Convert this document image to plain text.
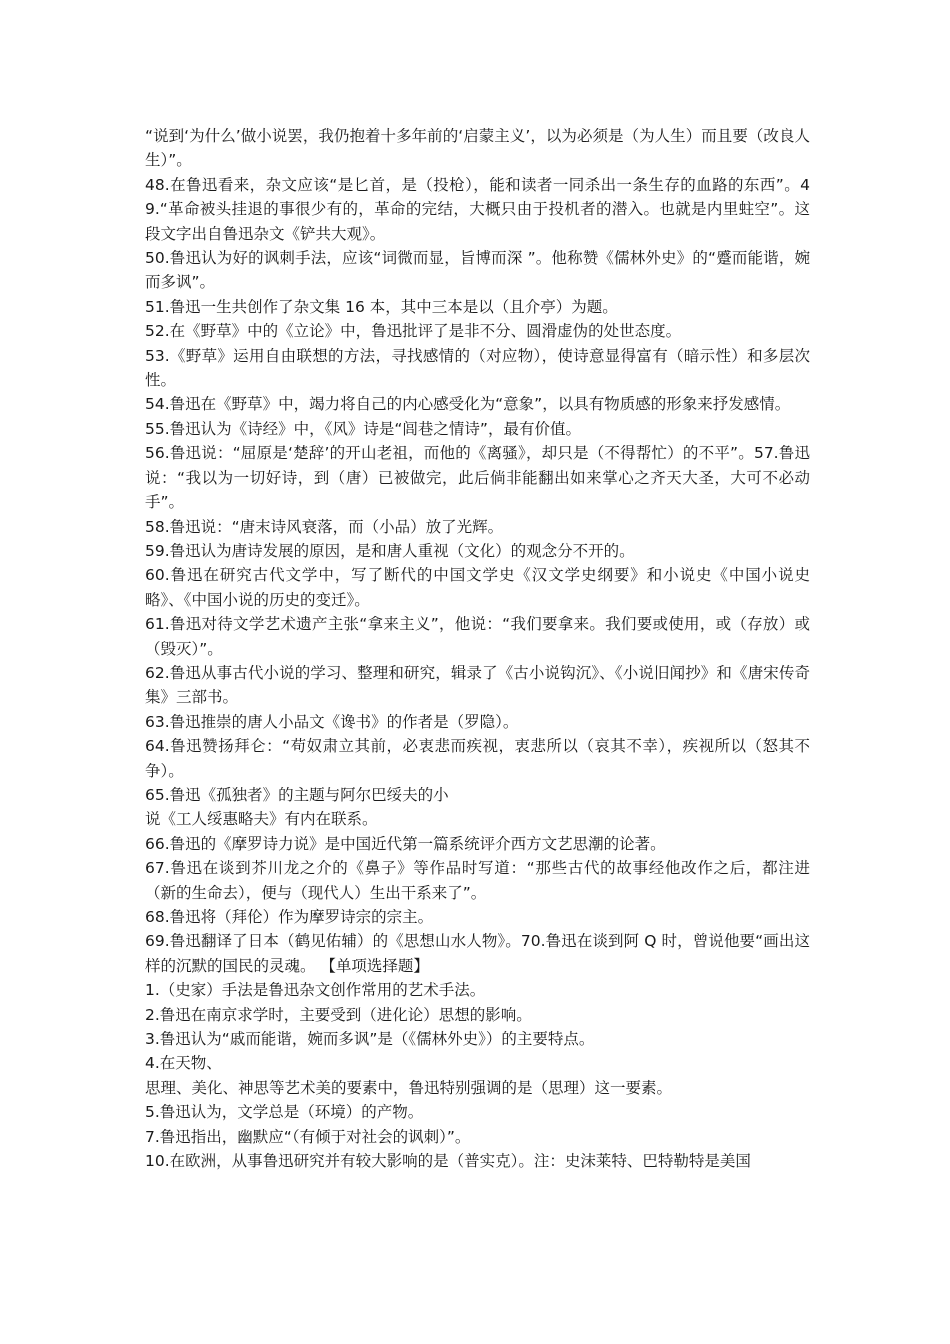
“说到‘为什么’做小说罢，我仍抱着十多年前的‘启蒙主义’，以为必须是（为人生）而且要（改良人生）”。

48.在鲁迅看来，杂文应该“是匕首，是（投枪），能和读者一同杀出一条生存的血路的东西”。49.“革命被头挂退的事很少有的，革命的完结，大概只由于投机者的潜入。也就是内里蛀空”。这段文字出自鲁迅杂文《铲共大观》。

50.鲁迅认为好的讽刺手法，应该“词微而显，旨博而深 ”。他称赞《儒林外史》的“蹙而能谐，婉而多讽”。

51.鲁迅一生共创作了杂文集 16 本，其中三本是以（且介亭）为题。

52.在《野草》中的《立论》中，鲁迅批评了是非不分、圆滑虚伪的处世态度。

53.《野草》运用自由联想的方法，寻找感情的（对应物），使诗意显得富有（暗示性）和多层次性。

54.鲁迅在《野草》中，竭力将自己的内心感受化为“意象”，以具有物质感的形象来抒发感情。

55.鲁迅认为《诗经》中，《风》诗是“闾巷之情诗”，最有价值。

56.鲁迅说：“屈原是‘楚辞’的开山老祖，而他的《离骚》，却只是（不得帮忙）的不平”。57.鲁迅说：“我以为一切好诗，到（唐）已被做完，此后倘非能翻出如来掌心之齐天大圣，大可不必动手”。

58.鲁迅说：“唐末诗风衰落，而（小品）放了光辉。

59.鲁迅认为唐诗发展的原因，是和唐人重视（文化）的观念分不开的。

60.鲁迅在研究古代文学中，写了断代的中国文学史《汉文学史纲要》和小说史《中国小说史略》、《中国小说的历史的变迁》。

61.鲁迅对待文学艺术遗产主张“拿来主义”，他说：“我们要拿来。我们要或使用，或（存放）或（毁灭）”。

62.鲁迅从事古代小说的学习、整理和研究，辑录了《古小说钩沉》、《小说旧闻抄》和《唐宋传奇集》三部书。

63.鲁迅推崇的唐人小品文《谗书》的作者是（罗隐）。

64.鲁迅赞扬拜仑：“苟奴肃立其前，必衷悲而疾视，衷悲所以（哀其不幸），疾视所以（怒其不争）。

65.鲁迅《孤独者》的主题与阿尔巴绥夫的小

说《工人绥惠略夫》有内在联系。

66.鲁迅的《摩罗诗力说》是中国近代第一篇系统评介西方文艺思潮的论著。

67.鲁迅在谈到芥川龙之介的《鼻子》等作品时写道：“那些古代的故事经他改作之后，都注进（新的生命去），便与（现代人）生出干系来了”。

68.鲁迅将（拜伦）作为摩罗诗宗的宗主。

69.鲁迅翻译了日本（鹤见佑辅）的《思想山水人物》。70.鲁迅在谈到阿 Q 时，曾说他要“画出这样的沉默的国民的灵魂。 【单项选择题】

1.（史家）手法是鲁迅杂文创作常用的艺术手法。

2.鲁迅在南京求学时，主要受到（进化论）思想的影响。

3.鲁迅认为“戚而能谐，婉而多讽”是（《儒林外史》）的主要特点。

4.在天物、

思理、美化、神思等艺术美的要素中，鲁迅特别强调的是（思理）这一要素。

5.鲁迅认为，文学总是（环境）的产物。

7.鲁迅指出，幽默应“（有倾于对社会的讽刺）”。

10.在欧洲，从事鲁迅研究并有较大影响的是（普实克）。注：史沫莱特、巴特勒特是美国
